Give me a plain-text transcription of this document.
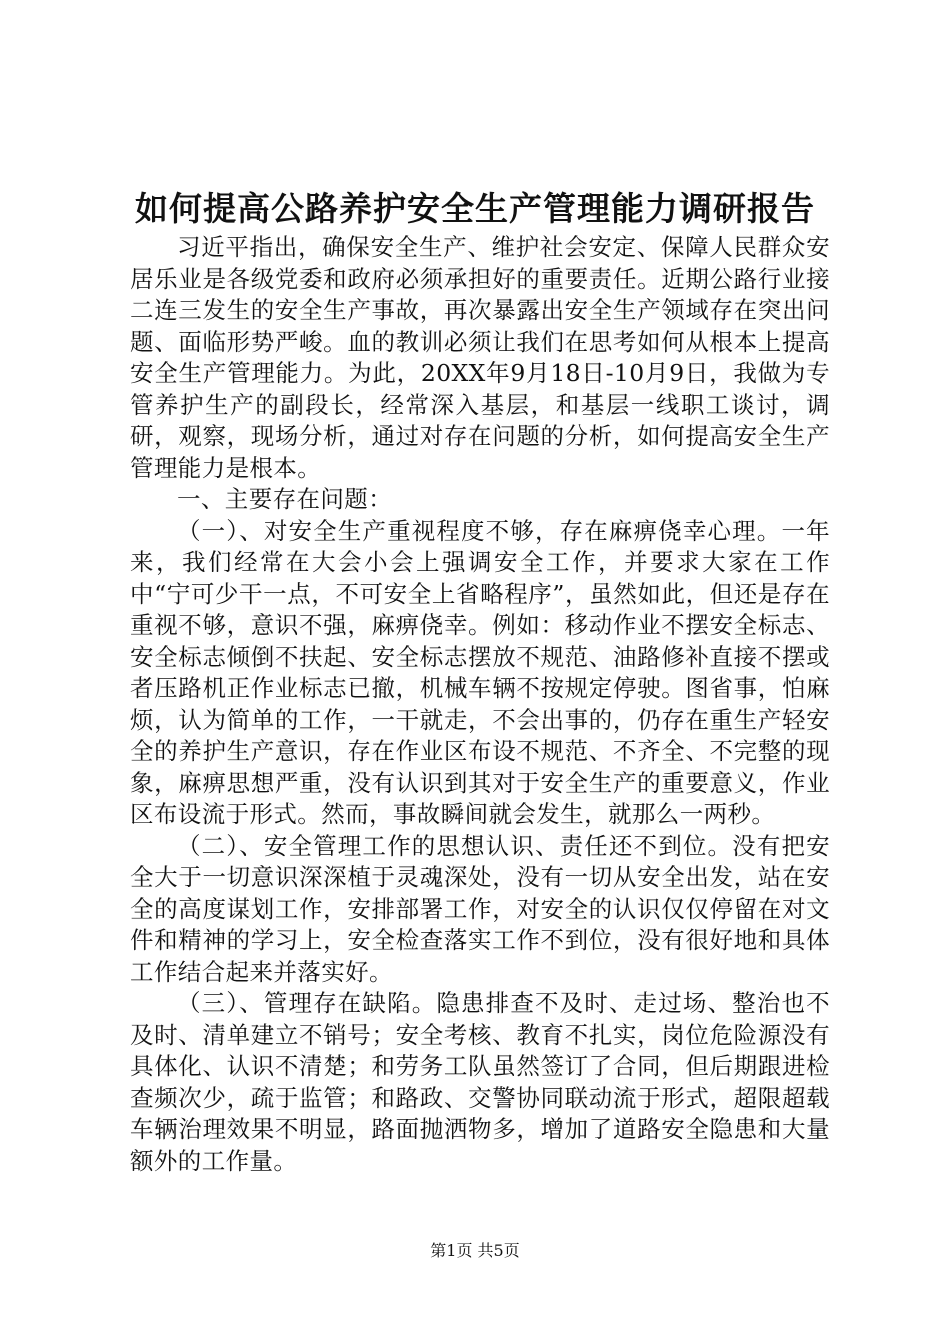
如何提高公路养护安全生产管理能力调研报告

习近平指出，确保安全生产、维护社会安定、保障人民群众安居乐业是各级党委和政府必须承担好的重要责任。近期公路行业接二连三发生的安全生产事故，再次暴露出安全生产领域存在突出问题、面临形势严峻。血的教训必须让我们在思考如何从根本上提高安全生产管理能力。为此，20XX年9月18日-10月9日，我做为专管养护生产的副段长，经常深入基层，和基层一线职工谈讨，调研，观察，现场分析，通过对存在问题的分析，如何提高安全生产管理能力是根本。

一、主要存在问题：

（一）、对安全生产重视程度不够，存在麻痹侥幸心理。一年来，我们经常在大会小会上强调安全工作，并要求大家在工作中“宁可少干一点，不可安全上省略程序”，虽然如此，但还是存在重视不够，意识不强，麻痹侥幸。例如：移动作业不摆安全标志、安全标志倾倒不扶起、安全标志摆放不规范、油路修补直接不摆或者压路机正作业标志已撤，机械车辆不按规定停驶。图省事，怕麻烦，认为简单的工作，一干就走，不会出事的，仍存在重生产轻安全的养护生产意识，存在作业区布设不规范、不齐全、不完整的现象，麻痹思想严重，没有认识到其对于安全生产的重要意义，作业区布设流于形式。然而，事故瞬间就会发生，就那么一两秒。

（二）、安全管理工作的思想认识、责任还不到位。没有把安全大于一切意识深深植于灵魂深处，没有一切从安全出发，站在安全的高度谋划工作，安排部署工作，对安全的认识仅仅停留在对文件和精神的学习上，安全检查落实工作不到位，没有很好地和具体工作结合起来并落实好。

（三）、管理存在缺陷。隐患排查不及时、走过场、整治也不及时、清单建立不销号；安全考核、教育不扎实，岗位危险源没有具体化、认识不清楚；和劳务工队虽然签订了合同，但后期跟进检查频次少，疏于监管；和路政、交警协同联动流于形式，超限超载车辆治理效果不明显，路面抛洒物多，增加了道路安全隐患和大量额外的工作量。

第1页 共5页
